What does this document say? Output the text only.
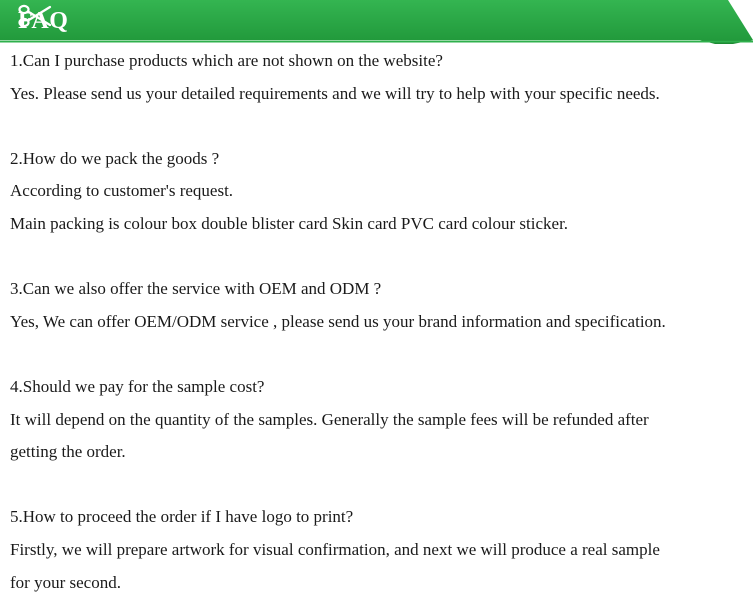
FAQ
1.Can I purchase products which are not shown on the website?
Yes. Please send us your detailed requirements and we will try to help with your specific needs.
2.How do we pack the goods ?
According to customer's request.
Main packing is colour box double blister card Skin card PVC card colour sticker.
3.Can we also offer the service with OEM and ODM ?
Yes, We can offer OEM/ODM service , please send us your brand information and specification.
4.Should we pay for the sample cost?
It will depend on the quantity of the samples. Generally the sample fees will be refunded after
getting the order.
5.How to proceed the order if I have logo to print?
Firstly, we will prepare artwork for visual confirmation, and next we will produce a real sample
for your second.
